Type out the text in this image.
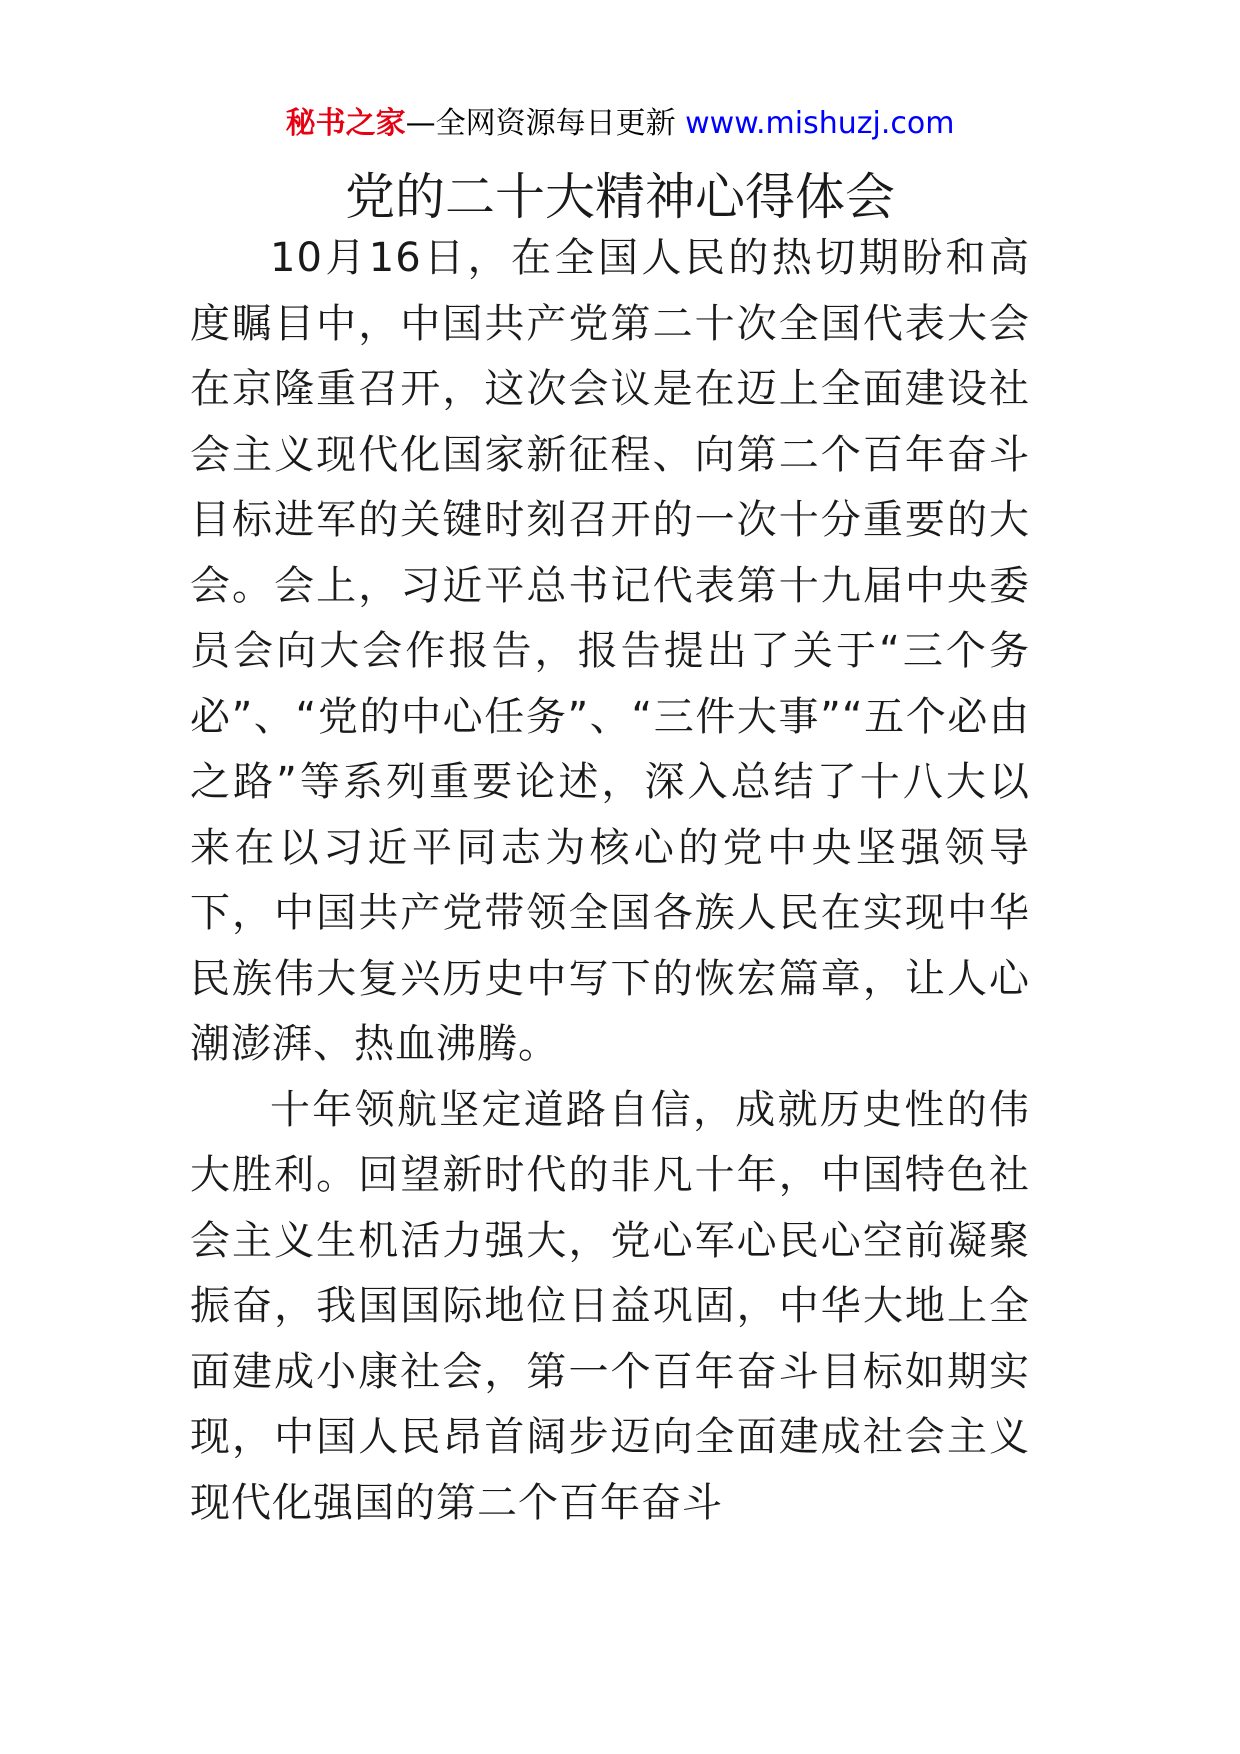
秘书之家—全网资源每日更新 www.mishuzj.com
党的二十大精神心得体会

10月16日，在全国人民的热切期盼和高度瞩目中，中国共产党第二十次全国代表大会在京隆重召开，这次会议是在迈上全面建设社会主义现代化国家新征程、向第二个百年奋斗目标进军的关键时刻召开的一次十分重要的大会。会上，习近平总书记代表第十九届中央委员会向大会作报告，报告提出了关于“三个务必”、“党的中心任务”、“三件大事”“五个必由之路”等系列重要论述，深入总结了十八大以来在以习近平同志为核心的党中央坚强领导下，中国共产党带领全国各族人民在实现中华民族伟大复兴历史中写下的恢宏篇章，让人心潮澎湃、热血沸腾。

十年领航坚定道路自信，成就历史性的伟大胜利。回望新时代的非凡十年，中国特色社会主义生机活力强大，党心军心民心空前凝聚振奋，我国国际地位日益巩固，中华大地上全面建成小康社会，第一个百年奋斗目标如期实现，中国人民昂首阔步迈向全面建成社会主义现代化强国的第二个百年奋斗
